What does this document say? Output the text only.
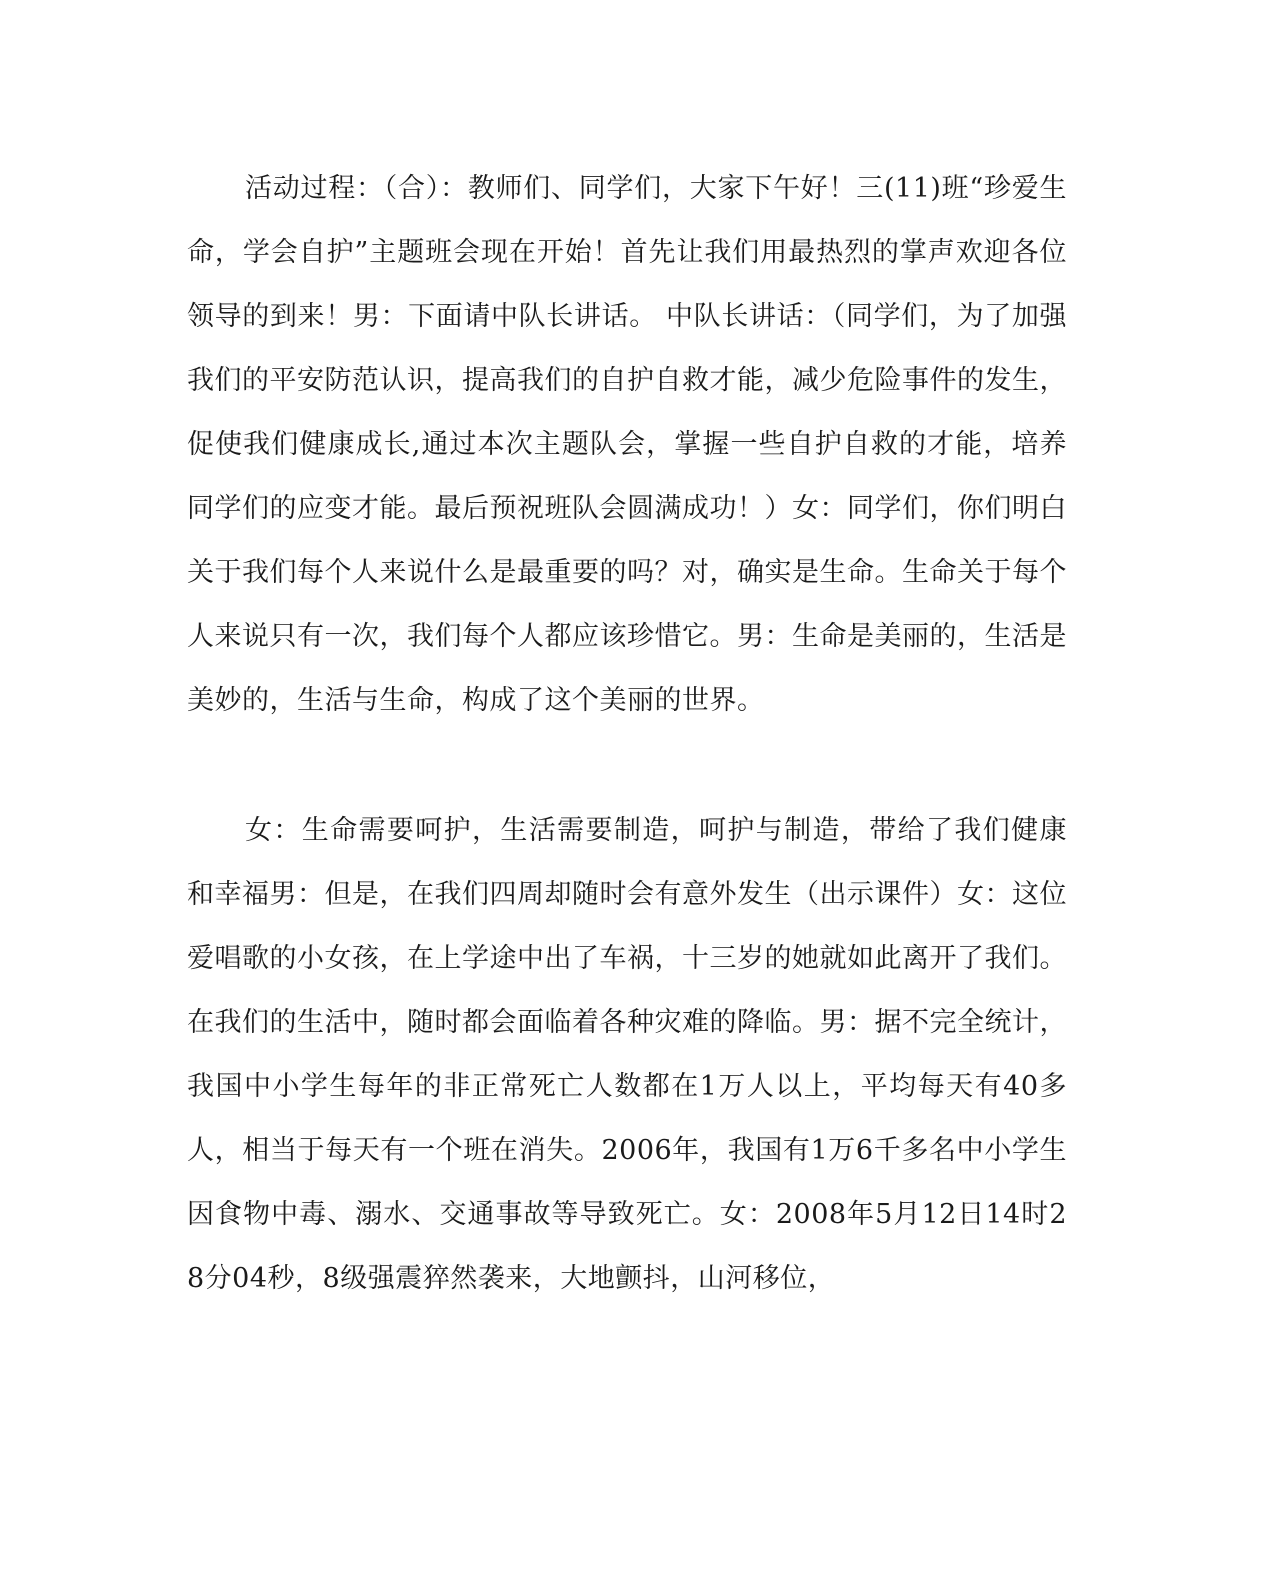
活动过程：（合）：教师们、同学们，大家下午好！三(11)班“珍爱生命，学会自护”主题班会现在开始！首先让我们用最热烈的掌声欢迎各位领导的到来！男：下面请中队长讲话。 中队长讲话：（同学们，为了加强我们的平安防范认识，提高我们的自护自救才能，减少危险事件的发生，促使我们健康成长,通过本次主题队会，掌握一些自护自救的才能，培养同学们的应变才能。最后预祝班队会圆满成功！）女：同学们，你们明白关于我们每个人来说什么是最重要的吗？对，确实是生命。生命关于每个人来说只有一次，我们每个人都应该珍惜它。男：生命是美丽的，生活是美妙的，生活与生命，构成了这个美丽的世界。

女：生命需要呵护，生活需要制造，呵护与制造，带给了我们健康和幸福男：但是，在我们四周却随时会有意外发生（出示课件）女：这位爱唱歌的小女孩，在上学途中出了车祸，十三岁的她就如此离开了我们。在我们的生活中，随时都会面临着各种灾难的降临。男：据不完全统计，我国中小学生每年的非正常死亡人数都在1万人以上，平均每天有40多人，相当于每天有一个班在消失。2006年，我国有1万6千多名中小学生因食物中毒、溺水、交通事故等导致死亡。女：2008年5月12日14时28分04秒，8级强震猝然袭来，大地颤抖，山河移位，
